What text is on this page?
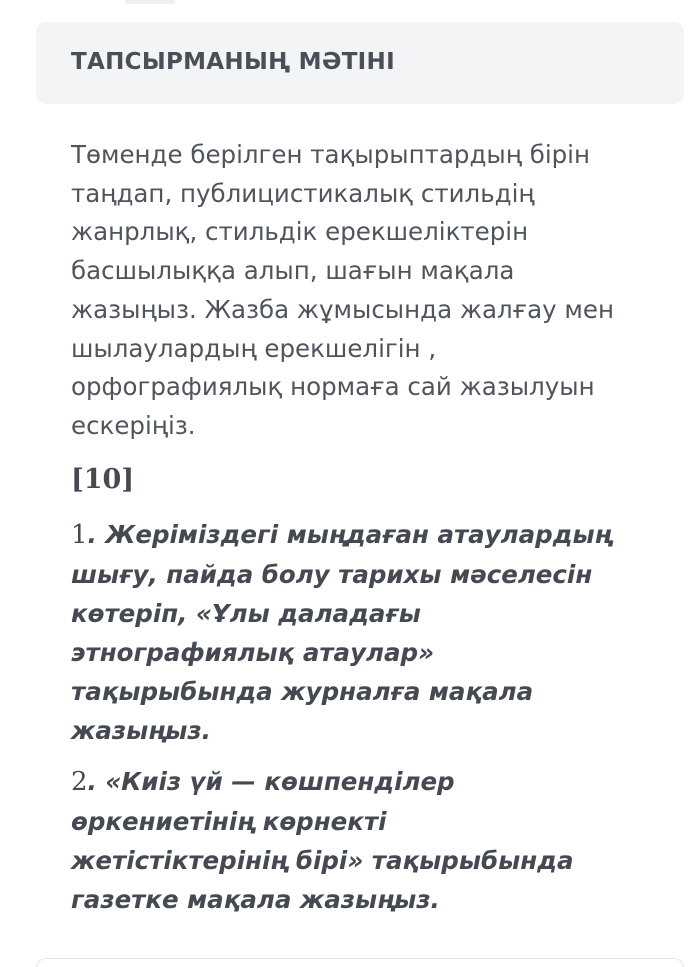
ТАПСЫРМАНЫҢ МӘТІНІ
Төменде берілген тақырыптардың бірін
таңдап, публицистикалық стильдің
жанрлық, стильдік ерекшеліктерін
басшылыққа алып, шағын мақала
жазыңыз. Жазба жұмысында жалғау мен
шылаулардың ерекшелігін ,
орфографиялық нормаға сай жазылуын
ескеріңіз.
[10]
1. Жеріміздегі мыңдаған атаулардың
шығу, пайда болу тарихы мәселесін
көтеріп, «Ұлы даладағы
этнографиялық атаулар»
тақырыбында журналға мақала
жазыңыз.
2. «Киіз үй — көшпенділер
өркениетінің көрнекті
жетістіктерінің бірі» тақырыбында
газетке мақала жазыңыз.
